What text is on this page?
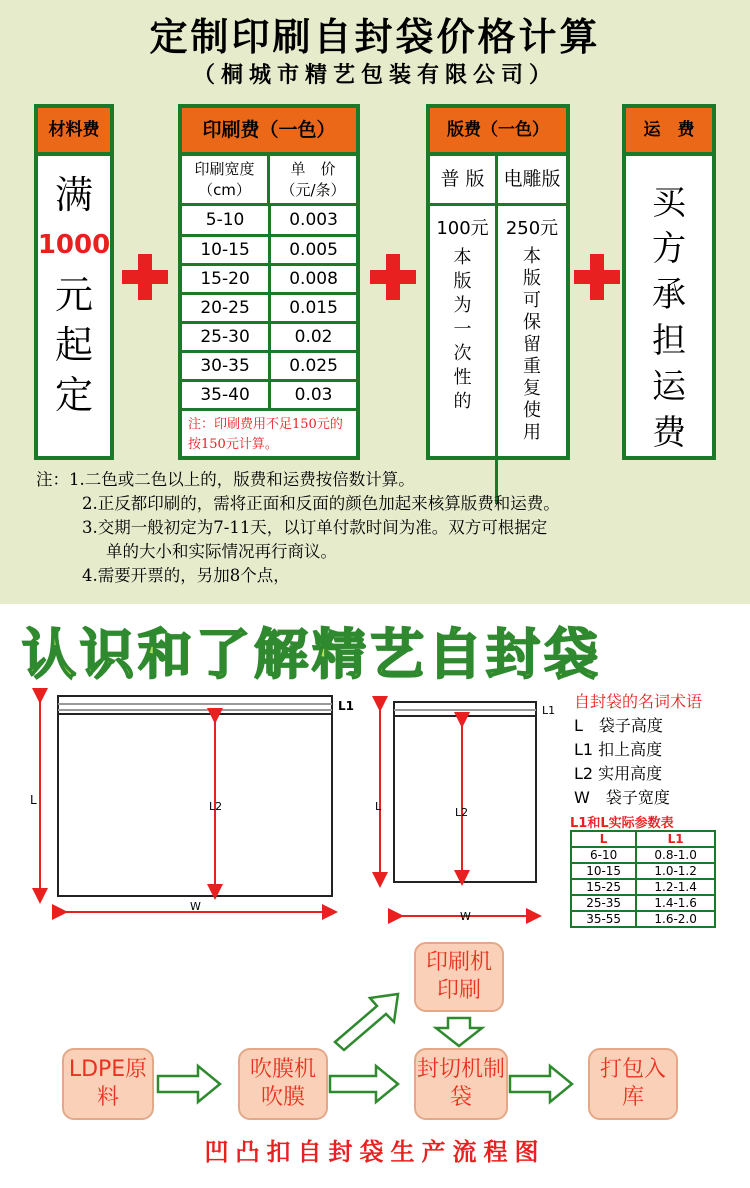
定制印刷自封袋价格计算
（桐城市精艺包装有限公司）
材料费
满
1000
元
起
定
印刷费（一色）
印刷宽度（cm）
单　价（元/条）
5-10	0.003
10-15	0.005
15-20	0.008
20-25	0.015
25-30	0.02
30-35	0.025
35-40	0.03
注：印刷费用不足150元的按150元计算。
版费（一色）
普 版
100元
本
版
为
一
次
性
的
电雕版
250元
本
版
可
保
留
重
复
使
用
运　费
买
方
承
担
运
费
注：1.二色或二色以上的，版费和运费按倍数计算。
2.正反都印刷的，需将正面和反面的颜色加起来核算版费和运费。
3.交期一般初定为7-11天，以订单付款时间为准。双方可根据定
单的大小和实际情况再行商议。
4.需要开票的，另加8个点，
认识和了解精艺自封袋
L	L2
W
L1
L	L2
W
L1 自封袋的名词术语
L　袋子高度
L1 扣上高度
L2 实用高度
W　袋子宽度
L1和L实际参数表
L	L1
6-10	0.8-1.0
10-15	1.0-1.2
15-25	1.2-1.4
25-35	1.4-1.6
35-55	1.6-2.0
LDPE原料
吹膜机吹膜
印刷机印刷
封切机制袋
打包入库
凹凸扣自封袋生产流程图
